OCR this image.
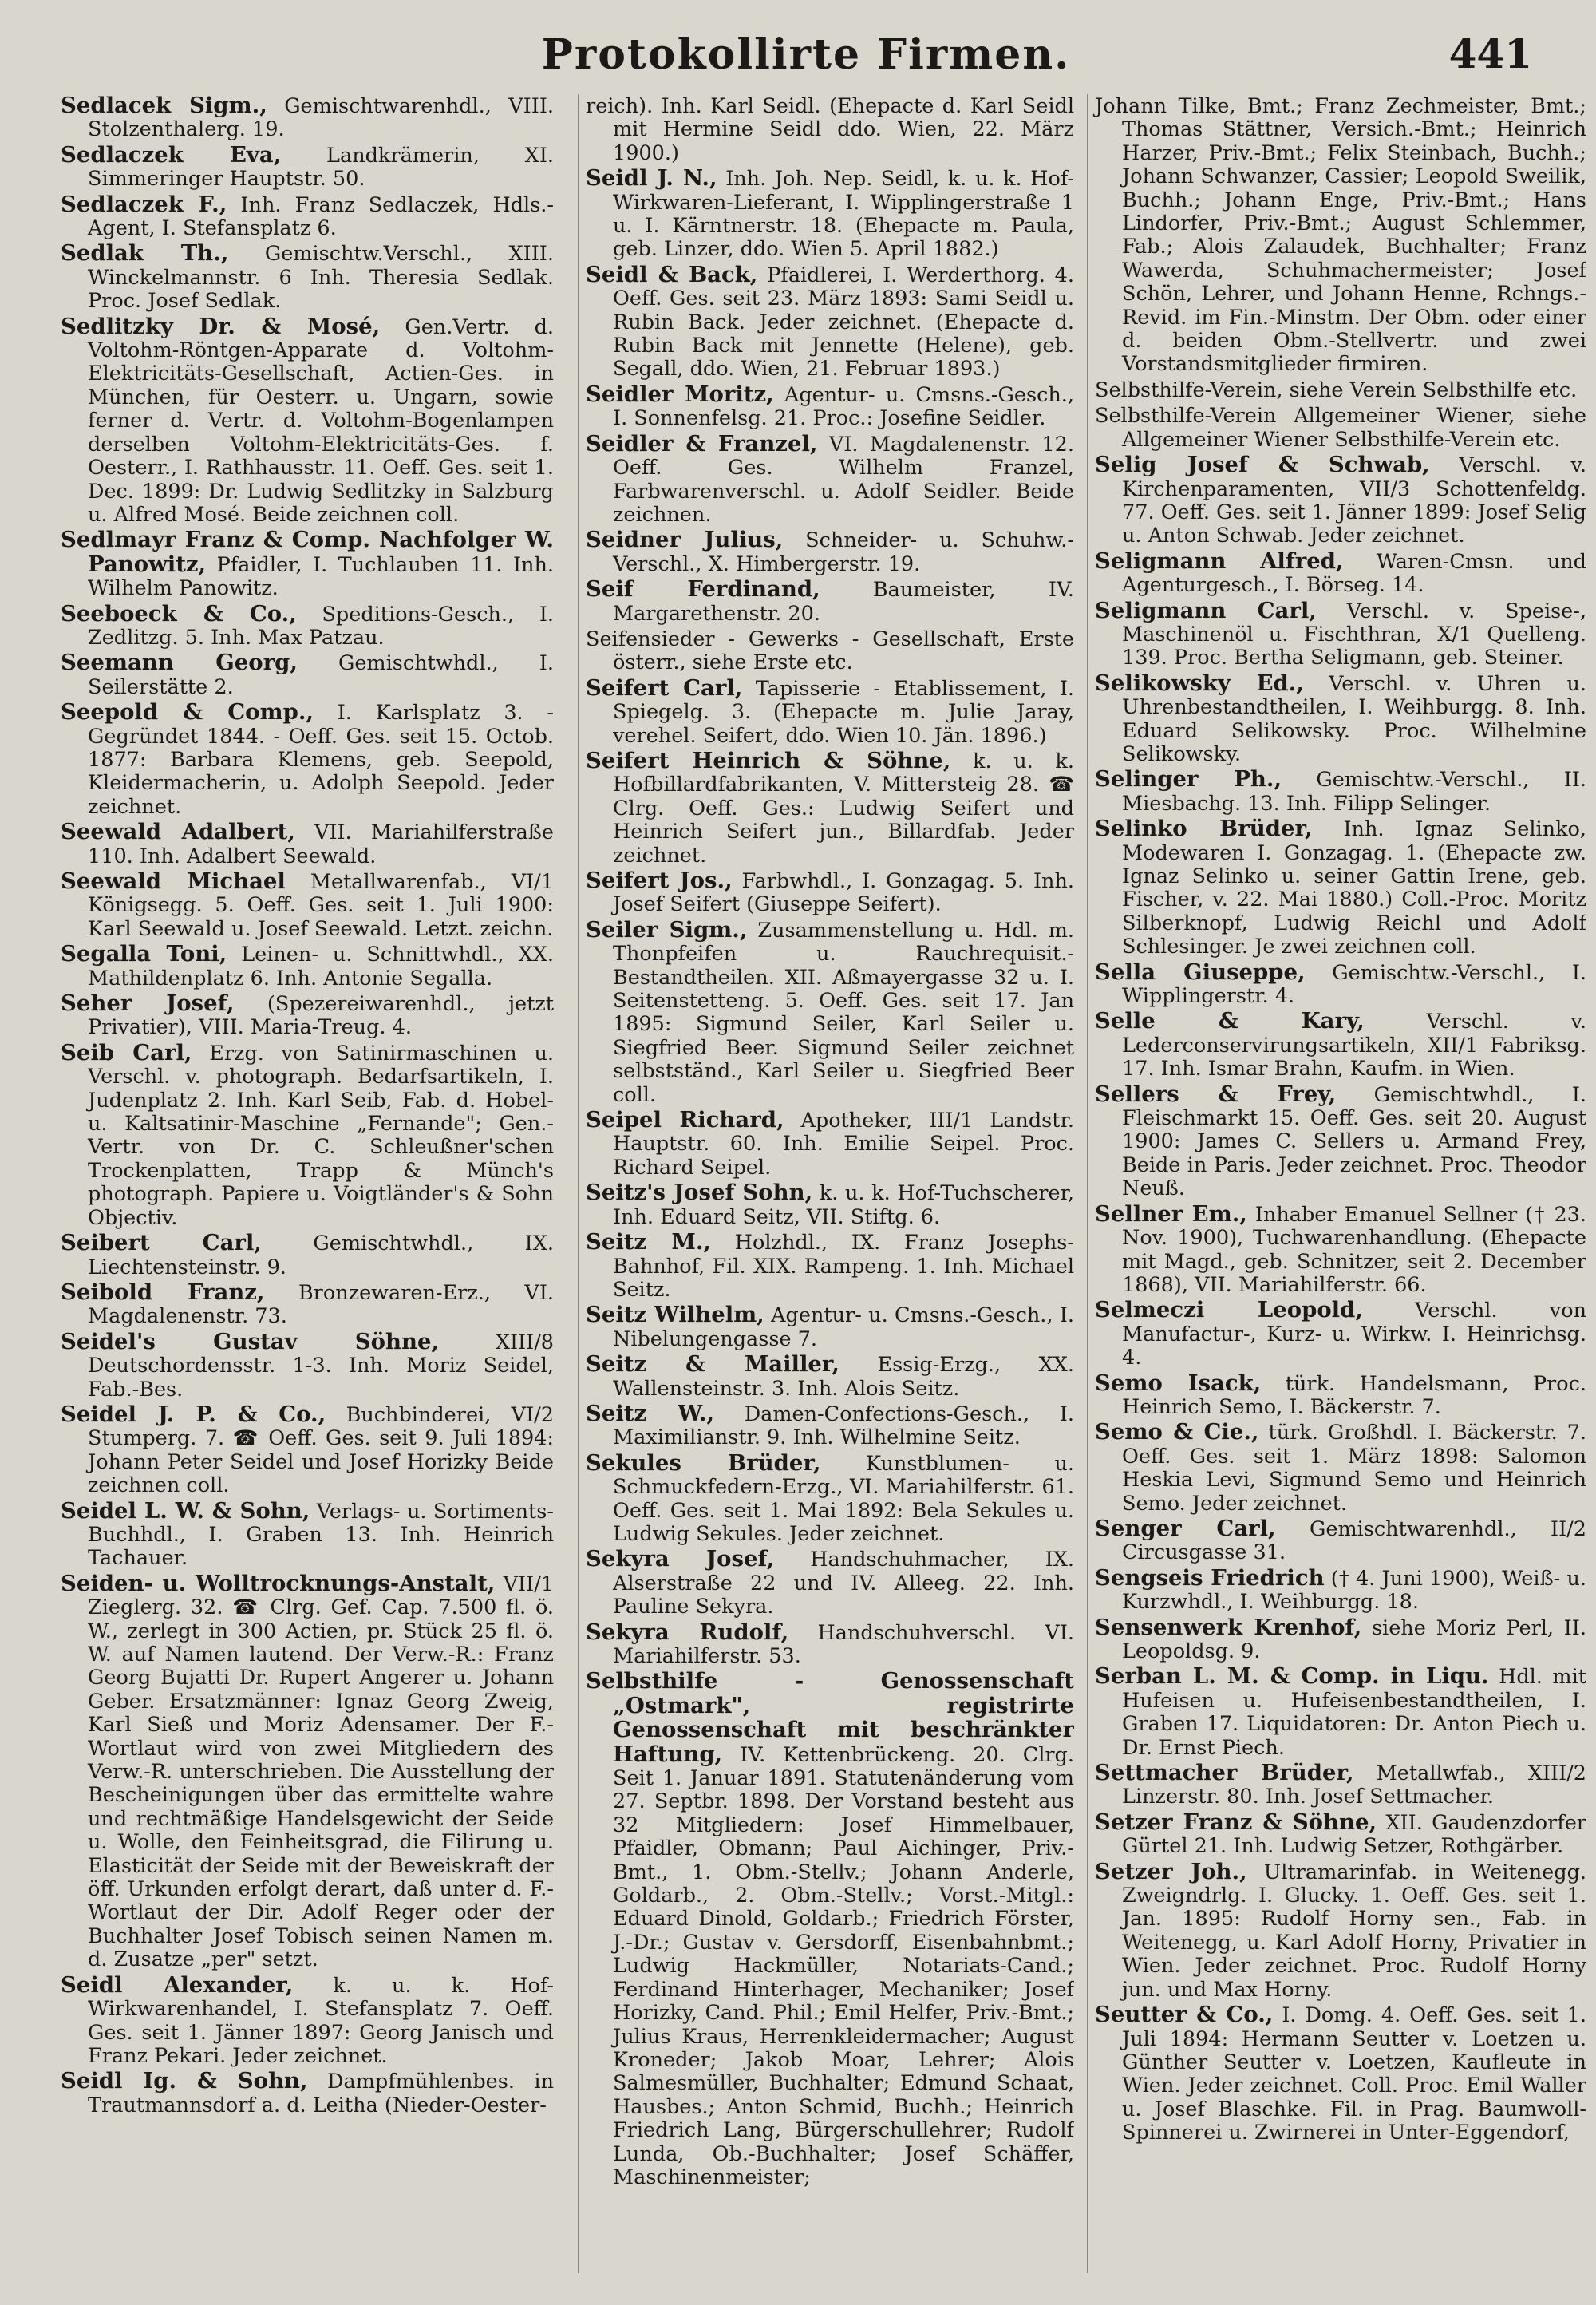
Protokollirte Firmen.	441
Sedlacek Sigm., Gemischtwarenhdl., VIII. Stolzenthalerg. 19.
Sedlaczek Eva, Landkrämerin, XI. Simmeringer Hauptstr. 50.
Sedlaczek F., Inh. Franz Sedlaczek, Hdls.-Agent, I. Stefansplatz 6.
Sedlak Th., Gemischtw.Verschl., XIII. Winckelmannstr. 6 Inh. Theresia Sedlak. Proc. Josef Sedlak.
Sedlitzky Dr. & Mosé, Gen.Vertr. d. Voltohm-Röntgen-Apparate d. Voltohm-Elektricitäts-Gesellschaft, Actien-Ges. in München, für Oesterr. u. Ungarn, sowie ferner d. Vertr. d. Voltohm-Bogenlampen derselben Voltohm-Elektricitäts-Ges. f. Oesterr., I. Rathhausstr. 11. Oeff. Ges. seit 1. Dec. 1899: Dr. Ludwig Sedlitzky in Salzburg u. Alfred Mosé. Beide zeichnen coll.
Sedlmayr Franz & Comp. Nachfolger W. Panowitz, Pfaidler, I. Tuchlauben 11. Inh. Wilhelm Panowitz.
Seeboeck & Co., Speditions-Gesch., I. Zedlitzg. 5. Inh. Max Patzau.
Seemann Georg, Gemischtwhdl., I. Seilerstätte 2.
Seepold & Comp., I. Karlsplatz 3. - Gegründet 1844. - Oeff. Ges. seit 15. Octob. 1877: Barbara Klemens, geb. Seepold, Kleidermacherin, u. Adolph Seepold. Jeder zeichnet.
Seewald Adalbert, VII. Mariahilferstraße 110. Inh. Adalbert Seewald.
Seewald Michael Metallwarenfab., VI/1 Königsegg. 5. Oeff. Ges. seit 1. Juli 1900: Karl Seewald u. Josef Seewald. Letzt. zeichn.
Segalla Toni, Leinen- u. Schnittwhdl., XX. Mathildenplatz 6. Inh. Antonie Segalla.
Seher Josef, (Spezereiwarenhdl., jetzt Privatier), VIII. Maria-Treug. 4.
Seib Carl, Erzg. von Satinirmaschinen u. Verschl. v. photograph. Bedarfsartikeln, I. Judenplatz 2. Inh. Karl Seib, Fab. d. Hobel- u. Kaltsatinir-Maschine „Fernande"; Gen.-Vertr. von Dr. C. Schleußner'schen Trockenplatten, Trapp & Münch's photograph. Papiere u. Voigtländer's & Sohn Objectiv.
Seibert Carl, Gemischtwhdl., IX. Liechtensteinstr. 9.
Seibold Franz, Bronzewaren-Erz., VI. Magdalenenstr. 73.
Seidel's Gustav Söhne, XIII/8 Deutschordensstr. 1-3. Inh. Moriz Seidel, Fab.-Bes.
Seidel J. P. & Co., Buchbinderei, VI/2 Stumperg. 7. ☎ Oeff. Ges. seit 9. Juli 1894: Johann Peter Seidel und Josef Horizky Beide zeichnen coll.
Seidel L. W. & Sohn, Verlags- u. Sortiments-Buchhdl., I. Graben 13. Inh. Heinrich Tachauer.
Seiden- u. Wolltrocknungs-Anstalt, VII/1 Zieglerg. 32. ☎ Clrg. Gef. Cap. 7.500 fl. ö. W., zerlegt in 300 Actien, pr. Stück 25 fl. ö. W. auf Namen lautend. Der Verw.-R.: Franz Georg Bujatti Dr. Rupert Angerer u. Johann Geber. Ersatzmänner: Ignaz Georg Zweig, Karl Sieß und Moriz Adensamer. Der F.-Wortlaut wird von zwei Mitgliedern des Verw.-R. unterschrieben. Die Ausstellung der Bescheinigungen über das ermittelte wahre und rechtmäßige Handelsgewicht der Seide u. Wolle, den Feinheitsgrad, die Filirung u. Elasticität der Seide mit der Beweiskraft der öff. Urkunden erfolgt derart, daß unter d. F.-Wortlaut der Dir. Adolf Reger oder der Buchhalter Josef Tobisch seinen Namen m. d. Zusatze „per" setzt.
Seidl Alexander, k. u. k. Hof-Wirkwarenhandel, I. Stefansplatz 7. Oeff. Ges. seit 1. Jänner 1897: Georg Janisch und Franz Pekari. Jeder zeichnet.
Seidl Ig. & Sohn, Dampfmühlenbes. in Trautmannsdorf a. d. Leitha (Nieder-Oester-
reich). Inh. Karl Seidl. (Ehepacte d. Karl Seidl mit Hermine Seidl ddo. Wien, 22. März 1900.)
Seidl J. N., Inh. Joh. Nep. Seidl, k. u. k. Hof-Wirkwaren-Lieferant, I. Wipplingerstraße 1 u. I. Kärntnerstr. 18. (Ehepacte m. Paula, geb. Linzer, ddo. Wien 5. April 1882.)
Seidl & Back, Pfaidlerei, I. Werderthorg. 4. Oeff. Ges. seit 23. März 1893: Sami Seidl u. Rubin Back. Jeder zeichnet. (Ehepacte d. Rubin Back mit Jennette (Helene), geb. Segall, ddo. Wien, 21. Februar 1893.)
Seidler Moritz, Agentur- u. Cmsns.-Gesch., I. Sonnenfelsg. 21. Proc.: Josefine Seidler.
Seidler & Franzel, VI. Magdalenenstr. 12. Oeff. Ges. Wilhelm Franzel, Farbwarenverschl. u. Adolf Seidler. Beide zeichnen.
Seidner Julius, Schneider- u. Schuhw.-Verschl., X. Himbergerstr. 19.
Seif Ferdinand, Baumeister, IV. Margarethenstr. 20.
Seifensieder - Gewerks - Gesellschaft, Erste österr., siehe Erste etc.
Seifert Carl, Tapisserie - Etablissement, I. Spiegelg. 3. (Ehepacte m. Julie Jaray, verehel. Seifert, ddo. Wien 10. Jän. 1896.)
Seifert Heinrich & Söhne, k. u. k. Hofbillardfabrikanten, V. Mittersteig 28. ☎ Clrg. Oeff. Ges.: Ludwig Seifert und Heinrich Seifert jun., Billardfab. Jeder zeichnet.
Seifert Jos., Farbwhdl., I. Gonzagag. 5. Inh. Josef Seifert (Giuseppe Seifert).
Seiler Sigm., Zusammenstellung u. Hdl. m. Thonpfeifen u. Rauchrequisit.-Bestandtheilen. XII. Aßmayergasse 32 u. I. Seitenstetteng. 5. Oeff. Ges. seit 17. Jan 1895: Sigmund Seiler, Karl Seiler u. Siegfried Beer. Sigmund Seiler zeichnet selbstständ., Karl Seiler u. Siegfried Beer coll.
Seipel Richard, Apotheker, III/1 Landstr. Hauptstr. 60. Inh. Emilie Seipel. Proc. Richard Seipel.
Seitz's Josef Sohn, k. u. k. Hof-Tuchscherer, Inh. Eduard Seitz, VII. Stiftg. 6.
Seitz M., Holzhdl., IX. Franz Josephs-Bahnhof, Fil. XIX. Rampeng. 1. Inh. Michael Seitz.
Seitz Wilhelm, Agentur- u. Cmsns.-Gesch., I. Nibelungengasse 7.
Seitz & Mailler, Essig-Erzg., XX. Wallensteinstr. 3. Inh. Alois Seitz.
Seitz W., Damen-Confections-Gesch., I. Maximilianstr. 9. Inh. Wilhelmine Seitz.
Sekules Brüder, Kunstblumen- u. Schmuckfedern-Erzg., VI. Mariahilferstr. 61. Oeff. Ges. seit 1. Mai 1892: Bela Sekules u. Ludwig Sekules. Jeder zeichnet.
Sekyra Josef, Handschuhmacher, IX. Alserstraße 22 und IV. Alleeg. 22. Inh. Pauline Sekyra.
Sekyra Rudolf, Handschuhverschl. VI. Mariahilferstr. 53.
Selbsthilfe - Genossenschaft „Ostmark", registrirte Genossenschaft mit beschränkter Haftung, IV. Kettenbrückeng. 20. Clrg. Seit 1. Januar 1891. Statutenänderung vom 27. Septbr. 1898. Der Vorstand besteht aus 32 Mitgliedern: Josef Himmelbauer, Pfaidler, Obmann; Paul Aichinger, Priv.-Bmt., 1. Obm.-Stellv.; Johann Anderle, Goldarb., 2. Obm.-Stellv.; Vorst.-Mitgl.: Eduard Dinold, Goldarb.; Friedrich Förster, J.-Dr.; Gustav v. Gersdorff, Eisenbahnbmt.; Ludwig Hackmüller, Notariats-Cand.; Ferdinand Hinterhager, Mechaniker; Josef Horizky, Cand. Phil.; Emil Helfer, Priv.-Bmt.; Julius Kraus, Herrenkleidermacher; August Kroneder; Jakob Moar, Lehrer; Alois Salmesmüller, Buchhalter; Edmund Schaat, Hausbes.; Anton Schmid, Buchh.; Heinrich Friedrich Lang, Bürgerschullehrer; Rudolf Lunda, Ob.-Buchhalter; Josef Schäffer, Maschinenmeister;
Johann Tilke, Bmt.; Franz Zechmeister, Bmt.; Thomas Stättner, Versich.-Bmt.; Heinrich Harzer, Priv.-Bmt.; Felix Steinbach, Buchh.; Johann Schwanzer, Cassier; Leopold Sweilik, Buchh.; Johann Enge, Priv.-Bmt.; Hans Lindorfer, Priv.-Bmt.; August Schlemmer, Fab.; Alois Zalaudek, Buchhalter; Franz Wawerda, Schuhmachermeister; Josef Schön, Lehrer, und Johann Henne, Rchngs.-Revid. im Fin.-Minstm. Der Obm. oder einer d. beiden Obm.-Stellvertr. und zwei Vorstandsmitglieder firmiren.
Selbsthilfe-Verein, siehe Verein Selbsthilfe etc.
Selbsthilfe-Verein Allgemeiner Wiener, siehe Allgemeiner Wiener Selbsthilfe-Verein etc.
Selig Josef & Schwab, Verschl. v. Kirchenparamenten, VII/3 Schottenfeldg. 77. Oeff. Ges. seit 1. Jänner 1899: Josef Selig u. Anton Schwab. Jeder zeichnet.
Seligmann Alfred, Waren-Cmsn. und Agenturgesch., I. Börseg. 14.
Seligmann Carl, Verschl. v. Speise-, Maschinenöl u. Fischthran, X/1 Quelleng. 139. Proc. Bertha Seligmann, geb. Steiner.
Selikowsky Ed., Verschl. v. Uhren u. Uhrenbestandtheilen, I. Weihburgg. 8. Inh. Eduard Selikowsky. Proc. Wilhelmine Selikowsky.
Selinger Ph., Gemischtw.-Verschl., II. Miesbachg. 13. Inh. Filipp Selinger.
Selinko Brüder, Inh. Ignaz Selinko, Modewaren I. Gonzagag. 1. (Ehepacte zw. Ignaz Selinko u. seiner Gattin Irene, geb. Fischer, v. 22. Mai 1880.) Coll.-Proc. Moritz Silberknopf, Ludwig Reichl und Adolf Schlesinger. Je zwei zeichnen coll.
Sella Giuseppe, Gemischtw.-Verschl., I. Wipplingerstr. 4.
Selle & Kary, Verschl. v. Lederconservirungsartikeln, XII/1 Fabriksg. 17. Inh. Ismar Brahn, Kaufm. in Wien.
Sellers & Frey, Gemischtwhdl., I. Fleischmarkt 15. Oeff. Ges. seit 20. August 1900: James C. Sellers u. Armand Frey, Beide in Paris. Jeder zeichnet. Proc. Theodor Neuß.
Sellner Em., Inhaber Emanuel Sellner († 23. Nov. 1900), Tuchwarenhandlung. (Ehepacte mit Magd., geb. Schnitzer, seit 2. December 1868), VII. Mariahilferstr. 66.
Selmeczi Leopold, Verschl. von Manufactur-, Kurz- u. Wirkw. I. Heinrichsg. 4.
Semo Isack, türk. Handelsmann, Proc. Heinrich Semo, I. Bäckerstr. 7.
Semo & Cie., türk. Großhdl. I. Bäckerstr. 7. Oeff. Ges. seit 1. März 1898: Salomon Heskia Levi, Sigmund Semo und Heinrich Semo. Jeder zeichnet.
Senger Carl, Gemischtwarenhdl., II/2 Circusgasse 31.
Sengseis Friedrich († 4. Juni 1900), Weiß- u. Kurzwhdl., I. Weihburgg. 18.
Sensenwerk Krenhof, siehe Moriz Perl, II. Leopoldsg. 9.
Serban L. M. & Comp. in Liqu. Hdl. mit Hufeisen u. Hufeisenbestandtheilen, I. Graben 17. Liquidatoren: Dr. Anton Piech u. Dr. Ernst Piech.
Settmacher Brüder, Metallwfab., XIII/2 Linzerstr. 80. Inh. Josef Settmacher.
Setzer Franz & Söhne, XII. Gaudenzdorfer Gürtel 21. Inh. Ludwig Setzer, Rothgärber.
Setzer Joh., Ultramarinfab. in Weitenegg. Zweigndrlg. I. Glucky. 1. Oeff. Ges. seit 1. Jan. 1895: Rudolf Horny sen., Fab. in Weitenegg, u. Karl Adolf Horny, Privatier in Wien. Jeder zeichnet. Proc. Rudolf Horny jun. und Max Horny.
Seutter & Co., I. Domg. 4. Oeff. Ges. seit 1. Juli 1894: Hermann Seutter v. Loetzen u. Günther Seutter v. Loetzen, Kaufleute in Wien. Jeder zeichnet. Coll. Proc. Emil Waller u. Josef Blaschke. Fil. in Prag. Baumwoll-Spinnerei u. Zwirnerei in Unter-Eggendorf,
